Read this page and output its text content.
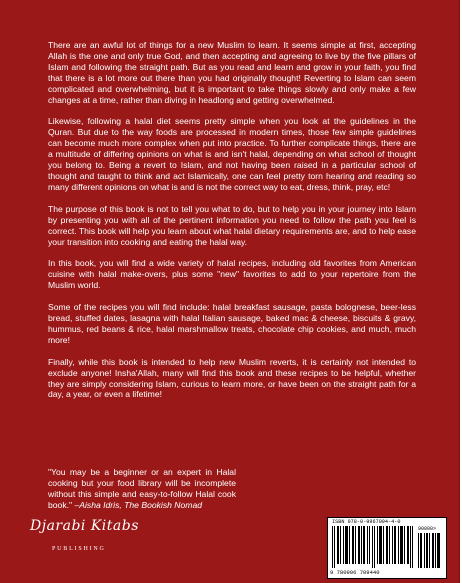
There are an awful lot of things for a new Muslim to learn. It seems simple at first, accepting Allah is the one and only true God, and then accepting and agreeing to live by the five pillars of Islam and following the straight path. But as you read and learn and grow in your faith, you find that there is a lot more out there than you had originally thought! Reverting to Islam can seem complicated and overwhelming, but it is important to take things slowly and only make a few changes at a time, rather than diving in headlong and getting overwhelmed.

Likewise, following a halal diet seems pretty simple when you look at the guidelines in the Quran. But due to the way foods are processed in modern times, those few simple guidelines can become much more complex when put into practice. To further complicate things, there are a multitude of differing opinions on what is and isn't halal, depending on what school of thought you belong to. Being a revert to Islam, and not having been raised in a particular school of thought and taught to think and act Islamically, one can feel pretty torn hearing and reading so many different opinions on what is and is not the correct way to eat, dress, think, pray, etc!

The purpose of this book is not to tell you what to do, but to help you in your journey into Islam by presenting you with all of the pertinent information you need to follow the path you feel is correct. This book will help you learn about what halal dietary requirements are, and to help ease your transition into cooking and eating the halal way.

In this book, you will find a wide variety of halal recipes, including old favorites from American cuisine with halal make-overs, plus some "new" favorites to add to your repertoire from the Muslim world.

Some of the recipes you will find include: halal breakfast sausage, pasta bolognese, beer-less bread, stuffed dates, lasagna with halal Italian sausage, baked mac & cheese, biscuits & gravy, hummus, red beans & rice, halal marshmallow treats, chocolate chip cookies, and much, much more!

Finally, while this book is intended to help new Muslim reverts, it is certainly not intended to exclude anyone! Insha'Allah, many will find this book and these recipes to be helpful, whether they are simply considering Islam, curious to learn more, or have been on the straight path for a day, a year, or even a lifetime!

"You may be a beginner or an expert in Halal cooking but your food library will be incomplete without this simple and easy-to-follow Halal cook book." –Aisha Idris, The Bookish Nomad
Djarabi Kitabs
PUBLISHING
ISBN 978-0-9967094-4-0
90000>
9 780996 709440
